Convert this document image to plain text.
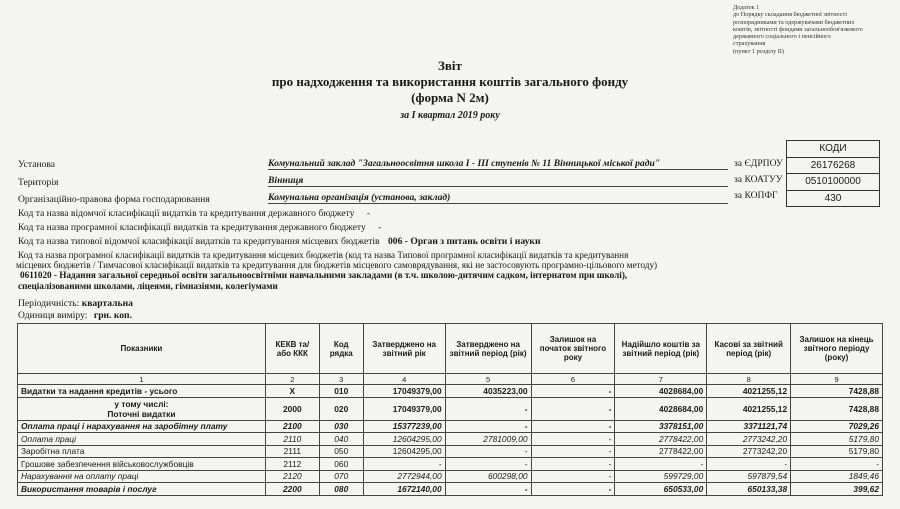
Додаток 1
до Порядку складання бюджетної звітності
розпорядниками та одержувачами бюджетних
коштів, звітності фондами загальнообов'язкового
державного соціального і пенсійного
страхування
(пункт 1 розділу II)
Звіт
про надходження та використання коштів загального фонду
(форма N 2м)
за I квартал 2019 року
КОДИ
26176268
0510100000
430
Установа	Комунальний заклад "Загальноосвітня школа І - ІІІ ступенів № 11 Вінницької міської ради"	за ЄДРПОУ
Територія	Вінниця	за КОАТУУ
Організаційно-правова форма господарювання	Комунальна організація (установа, заклад)	за КОПФГ
Код та назва відомчої класифікації видатків та кредитування державного бюджету -
Код та назва програмної класифікації видатків та кредитування державного бюджету -
Код та назва типової відомчої класифікації видатків та кредитування місцевих бюджетів 006 - Орган з питань освіти і науки
Код та назва програмної класифікації видатків та кредитування місцевих бюджетів (код та назва Типової програмної класифікації видатків та кредитування
місцевих бюджетів / Тимчасової класифікації видатків та кредитування для бюджетів місцевого самоврядування, які не застосовують програмно-цільового методу)
0611020 - Надання загальної середньої освіти загальноосвітніми навчальними закладами (в т.ч. школою-дитячим садком, інтернатом при школі),
спеціалізованими школами, ліцеями, гімназіями, колегіумами
Періодичність: квартальна
Одиниця виміру: грн. коп.
Показники	КЕКВ та/або ККК	Код рядка	Затверджено на звітний рік	Затверджено на звітний період (рік)	Залишок на початок звітного року	Надійшло коштів за звітний період (рік)	Касові за звітний період (рік)	Залишок на кінець звітного періоду (року)
1	2	3	4	5	6	7	8	9
Видатки та надання кредитів - усього	X	010	17049379,00	4035223,00	-	4028684,00	4021255,12	7428,88

у тому числі:
Поточні видатки	2000	020	17049379,00	-	-	4028684,00	4021255,12	7428,88
Оплата праці і нарахування на заробітну плату	2100	030	15377239,00	-	-	3378151,00	3371121,74	7029,26
Оплата праці	2110	040	12604295,00	2781009,00	-	2778422,00	2773242,20	5179,80
Заробітна плата	2111	050	12604295,00	-	-	2778422,00	2773242,20	5179,80
Грошове забезпечення військовослужбовців	2112	060	-	-	-	-	-	-
Нарахування на оплату праці	2120	070	2772944,00	600298,00	-	599729,00	597879,54	1849,46
Використання товарів і послуг	2200	080	1672140,00	-	-	650533,00	650133,38	399,62
